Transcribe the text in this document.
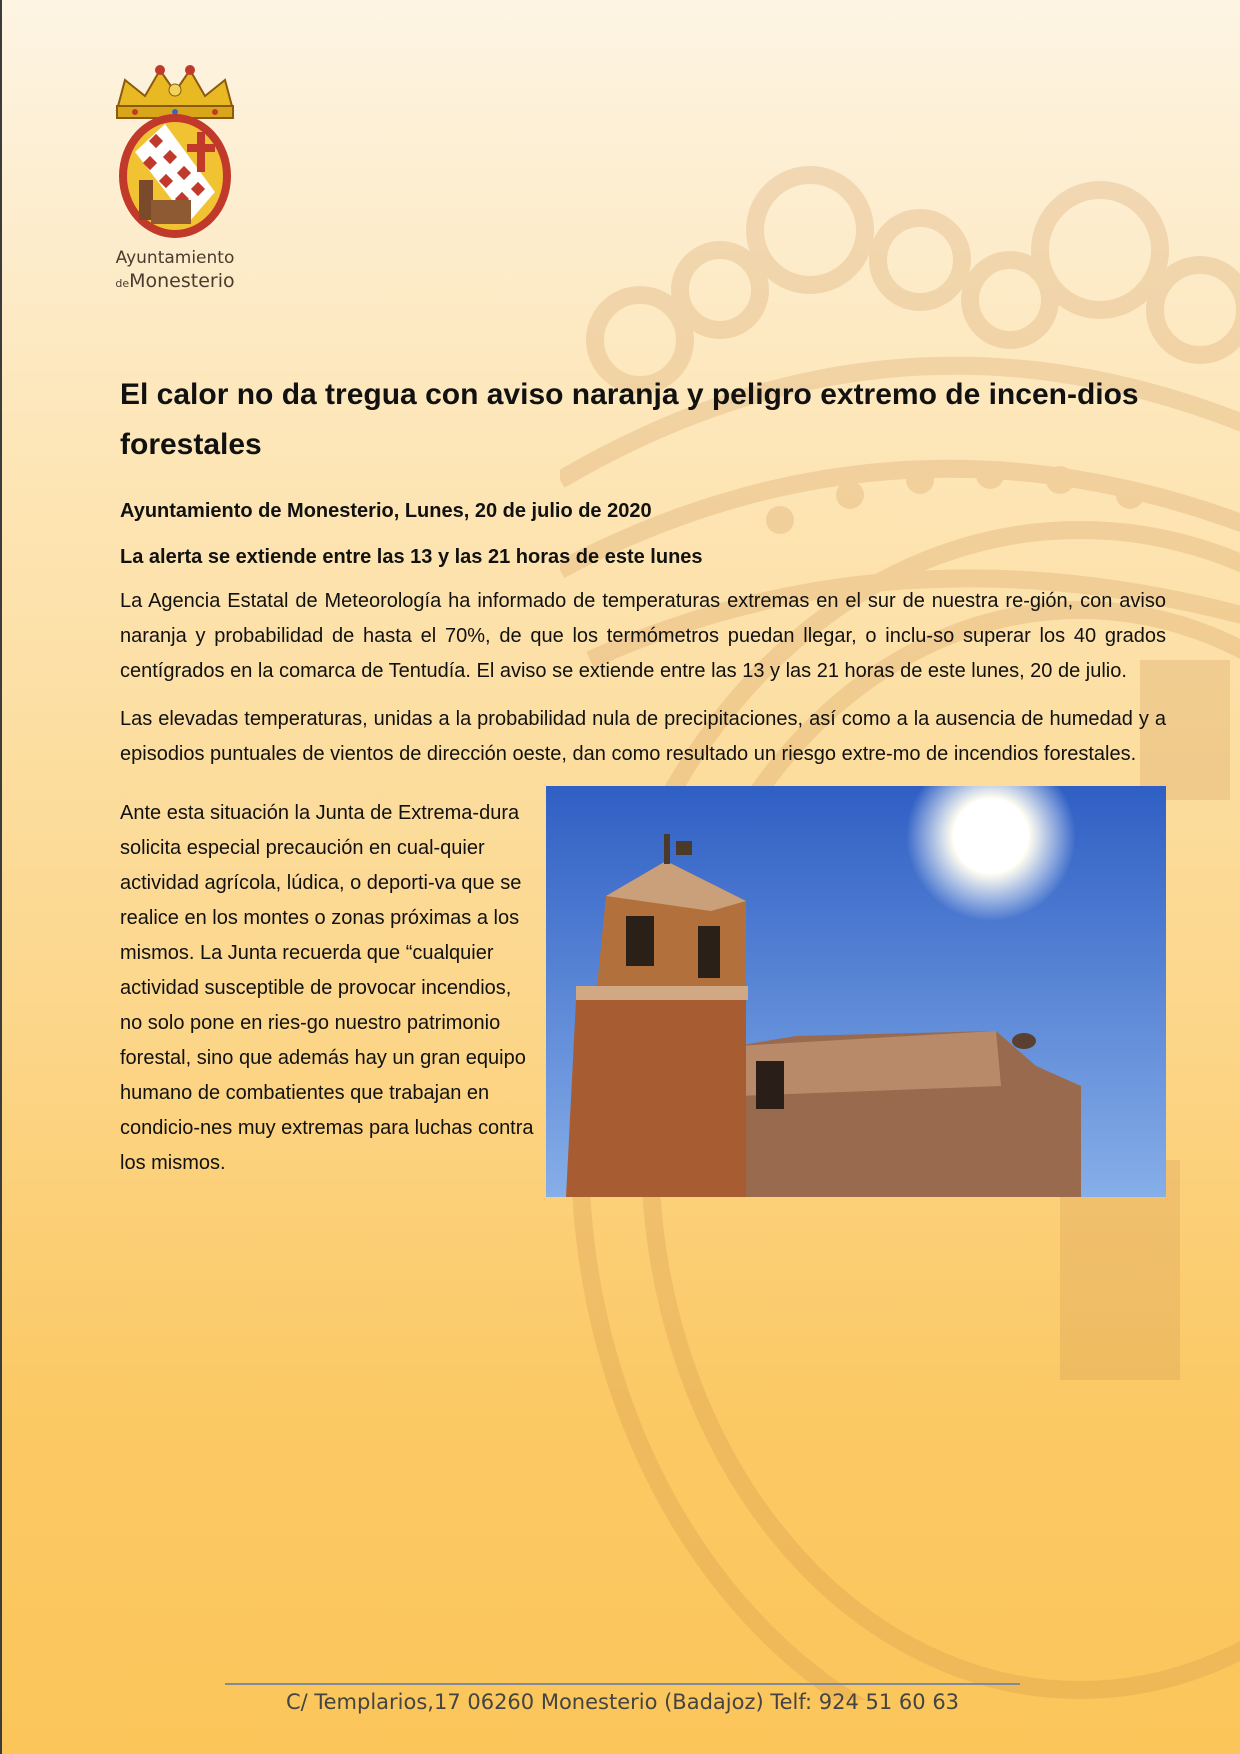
Ayuntamiento
deMonesterio
El calor no da tregua con aviso naranja y peligro extremo de incen-dios forestales
Ayuntamiento de Monesterio, Lunes, 20 de julio de 2020
La alerta se extiende entre las 13 y las 21 horas de este lunes

La Agencia Estatal de Meteorología ha informado de temperaturas extremas en el sur de nuestra re-gión, con aviso naranja y probabilidad de hasta el 70%, de que los termómetros puedan llegar, o inclu-so superar los 40 grados centígrados en la comarca de Tentudía. El aviso se extiende entre las 13 y las 21 horas de este lunes, 20 de julio.

Las elevadas temperaturas, unidas a la probabilidad nula de precipitaciones, así como a la ausencia de humedad y a episodios puntuales de vientos de dirección oeste, dan como resultado un riesgo extre-mo de incendios forestales.

Ante esta situación la Junta de Extrema-dura solicita especial precaución en cual-quier actividad agrícola, lúdica, o deporti-va que se realice en los montes o zonas próximas a los mismos. La Junta recuerda que “cualquier actividad susceptible de provocar incendios, no solo pone en ries-go nuestro patrimonio forestal, sino que además hay un gran equipo humano de combatientes que trabajan en condicio-nes muy extremas para luchas contra los mismos.

C/ Templarios,17 06260 Monesterio (Badajoz) Telf: 924 51 60 63
